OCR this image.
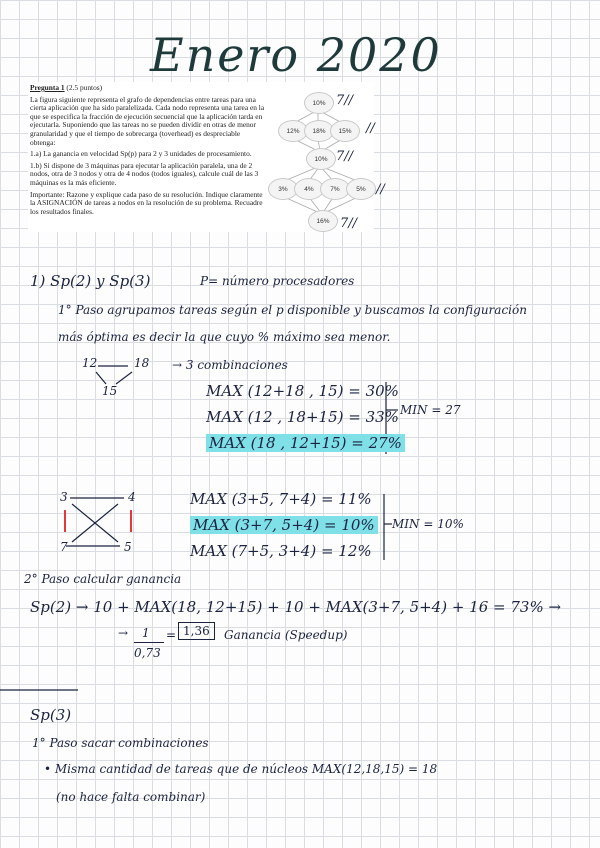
Enero 2020

Pregunta 1 (2.5 puntos)

La figura siguiente representa el grafo de dependencias entre tareas para una cierta aplicación que ha sido paralelizada. Cada nodo representa una tarea en la que se especifica la fracción de ejecución secuencial que la aplicación tarda en ejecutarla. Suponiendo que las tareas no se pueden dividir en otras de menor granularidad y que el tiempo de sobrecarga (toverhead) es despreciable obtenga:

1.a) La ganancia en velocidad Sp(p) para 2 y 3 unidades de procesamiento.

1.b) Si dispone de 3 máquinas para ejecutar la aplicación paralela, una de 2 nodos, otra de 3 nodos y otra de 4 nodos (todos iguales), calcule cuál de las 3 máquinas es la más eficiente.

Importante: Razone y explique cada paso de su resolución. Indique claramente la ASIGNACIÓN de tareas a nodos en la resolución de su problema. Recuadre los resultados finales.

10%
12%	18%	15%
10%
3%	4%	7%	5%
16%
7//
//
7//
//
7//
1) Sp(2) y Sp(3)	P= número procesadores
1° Paso agrupamos tareas según el p disponible y buscamos la configuración
más óptima es decir la que cuyo % máximo sea menor.
12	18
15
→ 3 combinaciones
MAX (12+18 , 15) = 30%
MAX (12 , 18+15) = 33%
MAX (18 , 12+15) = 27%
MIN = 27
3	4
7	5
MAX (3+5, 7+4) = 11%
MAX (3+7, 5+4) = 10%
MAX (7+5, 3+4) = 12%
MIN = 10%
2° Paso calcular ganancia
Sp(2) → 10 + MAX(18, 12+15) + 10 + MAX(3+7, 5+4) + 16 = 73% →
→ 1
0,73
= 1,36	Ganancia (Speedup)
Sp(3)
1° Paso sacar combinaciones
• Misma cantidad de tareas que de núcleos MAX(12,18,15) = 18
(no hace falta combinar)
